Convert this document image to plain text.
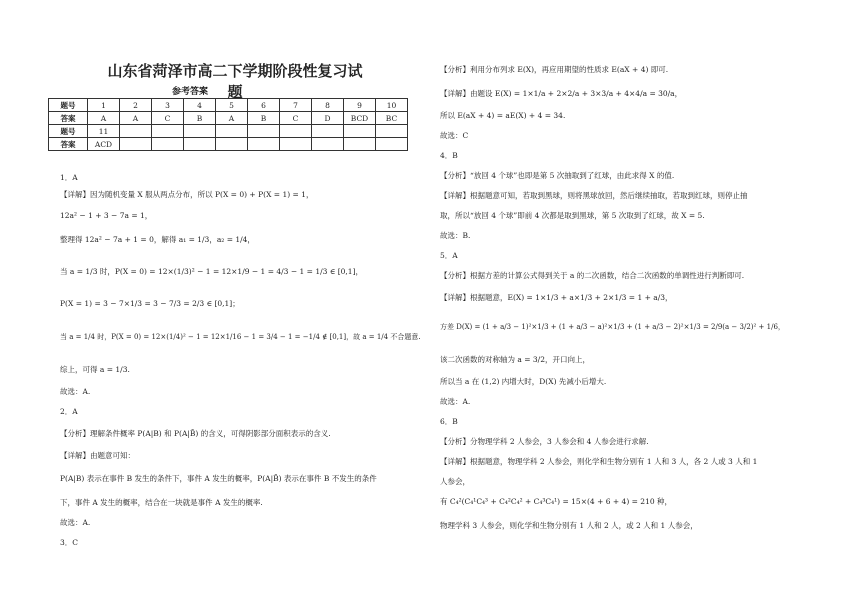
山东省菏泽市高二下学期阶段性复习试题
参考答案
题号	1	2	3	4	5	6	7	8	9	10
答案	A	A	C	B	A	B	C	D	BCD	BC
题号	11									
答案	ACD									
1．A
【详解】因为随机变量 X 服从两点分布，所以 P(X = 0) + P(X = 1) = 1，
12a² − 1 + 3 − 7a = 1，
整理得 12a² − 7a + 1 = 0，解得 a₁ = 1/3，a₂ = 1/4，
当 a = 1/3 时，P(X = 0) = 12×(1/3)² − 1 = 12×1/9 − 1 = 4/3 − 1 = 1/3 ∈ [0,1]，
P(X = 1) = 3 − 7×1/3 = 3 − 7/3 = 2/3 ∈ [0,1]；
当 a = 1/4 时，P(X = 0) = 12×(1/4)² − 1 = 12×1/16 − 1 = 3/4 − 1 = −1/4 ∉ [0,1]，故 a = 1/4 不合题意.
综上，可得 a = 1/3.
故选：A.
2．A
【分析】理解条件概率 P(A|B) 和 P(A|B̄) 的含义，可得阴影部分面积表示的含义.
【详解】由题意可知：
P(A|B) 表示在事件 B 发生的条件下，事件 A 发生的概率，P(A|B̄) 表示在事件 B 不发生的条件
下，事件 A 发生的概率，结合在一块就是事件 A 发生的概率.
故选：A.
3．C
【分析】利用分布列求 E(X)，再应用期望的性质求 E(aX + 4) 即可.
【详解】由题设 E(X) = 1×1/a + 2×2/a + 3×3/a + 4×4/a = 30/a，
所以 E(aX + 4) = aE(X) + 4 = 34.
故选：C
4．B
【分析】“放回 4 个球”也即是第 5 次抽取到了红球，由此求得 X 的值.
【详解】根据题意可知，若取到黑球，则将黑球放回，然后继续抽取，若取到红球，则停止抽
取，所以“放回 4 个球”即前 4 次都是取到黑球，第 5 次取到了红球，故 X = 5.
故选：B.
5．A
【分析】根据方差的计算公式得到关于 a 的二次函数，结合二次函数的单调性进行判断即可.
【详解】根据题意，E(X) = 1×1/3 + a×1/3 + 2×1/3 = 1 + a/3，
方差 D(X) = (1 + a/3 − 1)²×1/3 + (1 + a/3 − a)²×1/3 + (1 + a/3 − 2)²×1/3 = 2/9(a − 3/2)² + 1/6，
该二次函数的对称轴为 a = 3/2，开口向上，
所以当 a 在 (1,2) 内增大时，D(X) 先减小后增大.
故选：A.
6．B
【分析】分物理学科 2 人参会，3 人参会和 4 人参会进行求解.
【详解】根据题意，物理学科 2 人参会，则化学和生物分别有 1 人和 3 人，各 2 人或 3 人和 1
人参会，
有 C₄²(C₄¹C₄³ + C₄²C₄² + C₄³C₄¹) = 15×(4 + 6 + 4) = 210 种，
物理学科 3 人参会，则化学和生物分别有 1 人和 2 人，或 2 人和 1 人参会，
